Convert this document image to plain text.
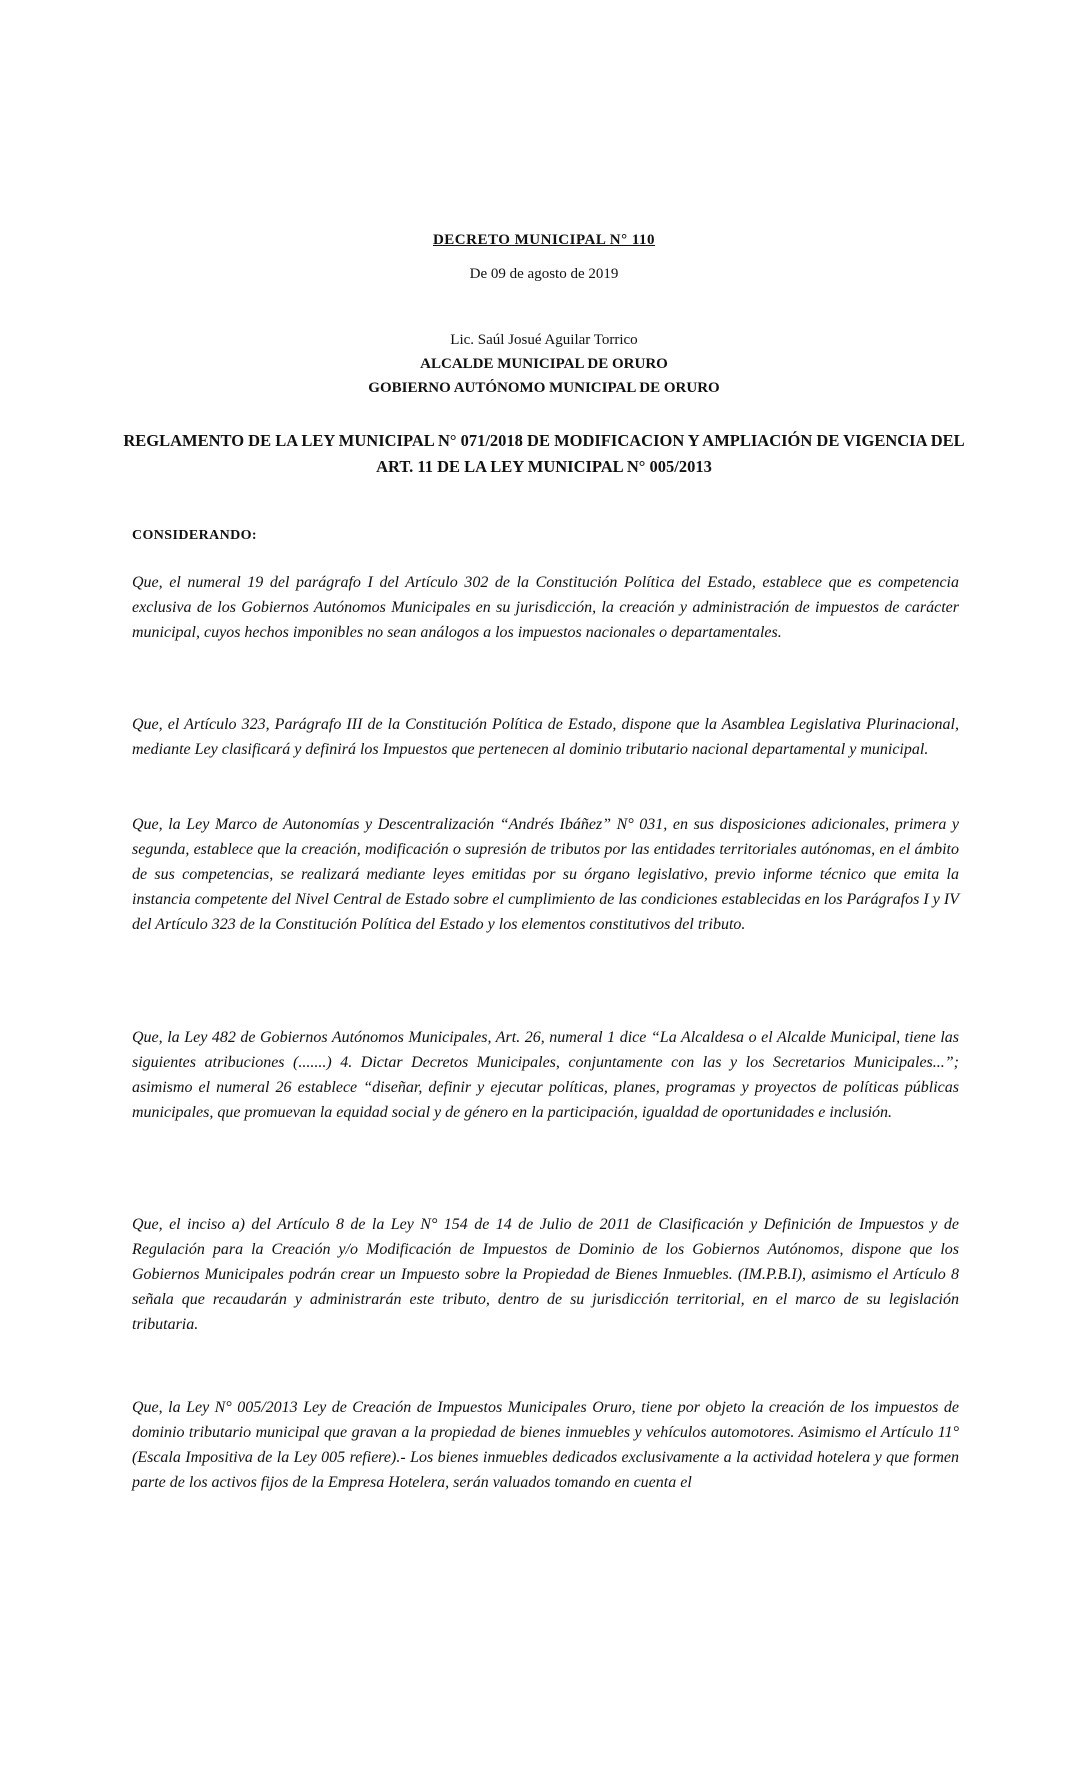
DECRETO MUNICIPAL N° 110
De 09 de agosto de 2019
Lic. Saúl Josué Aguilar Torrico
ALCALDE MUNICIPAL DE ORURO
GOBIERNO AUTÓNOMO MUNICIPAL DE ORURO
REGLAMENTO DE LA LEY MUNICIPAL N° 071/2018 DE MODIFICACION Y AMPLIACIÓN DE VIGENCIA DEL ART. 11 DE LA LEY MUNICIPAL N° 005/2013
CONSIDERANDO:

Que, el numeral 19 del parágrafo I del Artículo 302 de la Constitución Política del Estado, establece que es competencia exclusiva de los Gobiernos Autónomos Municipales en su jurisdicción, la creación y administración de impuestos de carácter municipal, cuyos hechos imponibles no sean análogos a los impuestos nacionales o departamentales.

Que, el Artículo 323, Parágrafo III de la Constitución Política de Estado, dispone que la Asamblea Legislativa Plurinacional, mediante Ley clasificará y definirá los Impuestos que pertenecen al dominio tributario nacional departamental y municipal.

Que, la Ley Marco de Autonomías y Descentralización “Andrés Ibáñez” N° 031, en sus disposiciones adicionales, primera y segunda, establece que la creación, modificación o supresión de tributos por las entidades territoriales autónomas, en el ámbito de sus competencias, se realizará mediante leyes emitidas por su órgano legislativo, previo informe técnico que emita la instancia competente del Nivel Central de Estado sobre el cumplimiento de las condiciones establecidas en los Parágrafos I y IV del Artículo 323 de la Constitución Política del Estado y los elementos constitutivos del tributo.

Que, la Ley 482 de Gobiernos Autónomos Municipales, Art. 26, numeral 1 dice “La Alcaldesa o el Alcalde Municipal, tiene las siguientes atribuciones (.......) 4. Dictar Decretos Municipales, conjuntamente con las y los Secretarios Municipales...”; asimismo el numeral 26 establece “diseñar, definir y ejecutar políticas, planes, programas y proyectos de políticas públicas municipales, que promuevan la equidad social y de género en la participación, igualdad de oportunidades e inclusión.

Que, el inciso a) del Artículo 8 de la Ley N° 154 de 14 de Julio de 2011 de Clasificación y Definición de Impuestos y de Regulación para la Creación y/o Modificación de Impuestos de Dominio de los Gobiernos Autónomos, dispone que los Gobiernos Municipales podrán crear un Impuesto sobre la Propiedad de Bienes Inmuebles. (IM.P.B.I), asimismo el Artículo 8 señala que recaudarán y administrarán este tributo, dentro de su jurisdicción territorial, en el marco de su legislación tributaria.

Que, la Ley N° 005/2013 Ley de Creación de Impuestos Municipales Oruro, tiene por objeto la creación de los impuestos de dominio tributario municipal que gravan a la propiedad de bienes inmuebles y vehículos automotores. Asimismo el Artículo 11° (Escala Impositiva de la Ley 005 refiere).- Los bienes inmuebles dedicados exclusivamente a la actividad hotelera y que formen parte de los activos fijos de la Empresa Hotelera, serán valuados tomando en cuenta el
